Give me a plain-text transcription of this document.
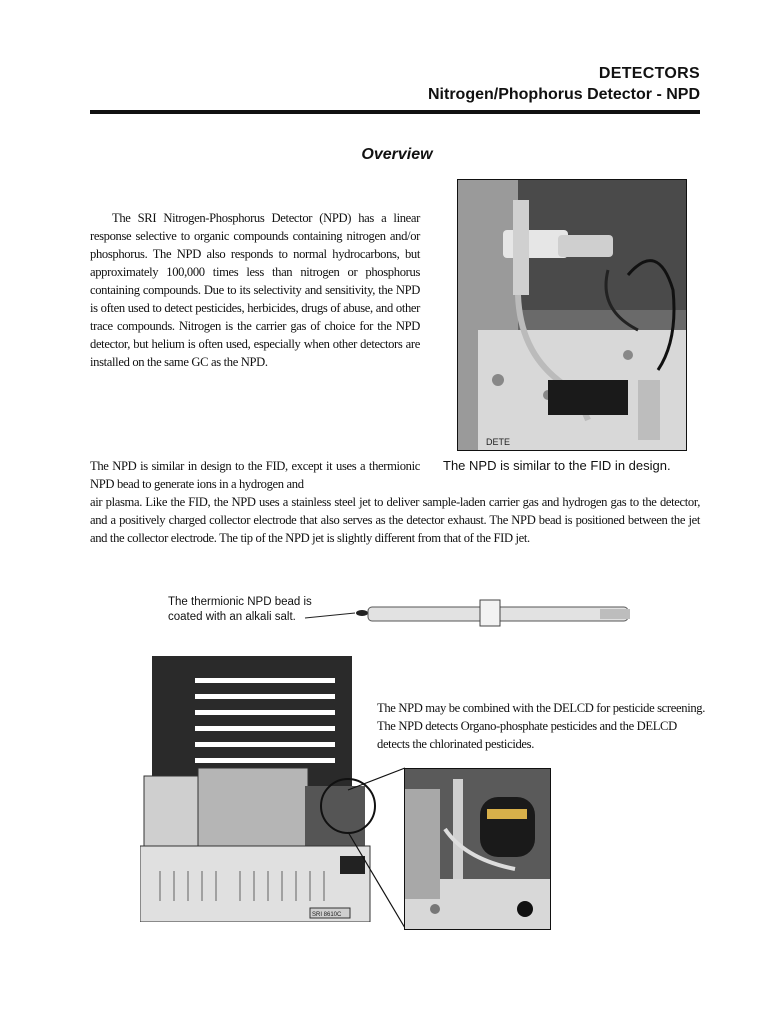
DETECTORS
Nitrogen/Phophorus Detector - NPD
Overview
The SRI Nitrogen-Phosphorus Detector (NPD) has a linear response selective to organic compounds containing nitrogen and/or phosphorus. The NPD also responds to normal hydrocarbons, but approximately 100,000 times less than nitrogen or phosphorus containing compounds. Due to its selectivity and sensitivity, the NPD is often used to detect pesticides, herbicides, drugs of abuse, and other trace compounds. Nitrogen is the carrier gas of choice for the NPD detector, but helium is often used, especially when other detectors are installed on the same GC as the NPD.
DETE
The NPD is similar to the FID in design.
The NPD is similar in design to the FID, except it uses a thermionic NPD bead to generate ions in a hydrogen and
air plasma. Like the FID, the NPD uses a stainless steel jet to deliver sample-laden carrier gas and hydrogen gas to the detector, and a positively charged collector electrode that also serves as the detector exhaust. The NPD bead is positioned between the jet and the collector electrode. The tip of the NPD jet is slightly different from that of the FID jet.
The thermionic NPD bead is
coated with an alkali salt.
SRI 8610C
The NPD may be combined with the DELCD for pesticide screening. The NPD detects Organo-phosphate pesticides and the DELCD detects the chlorinated pesticides.
